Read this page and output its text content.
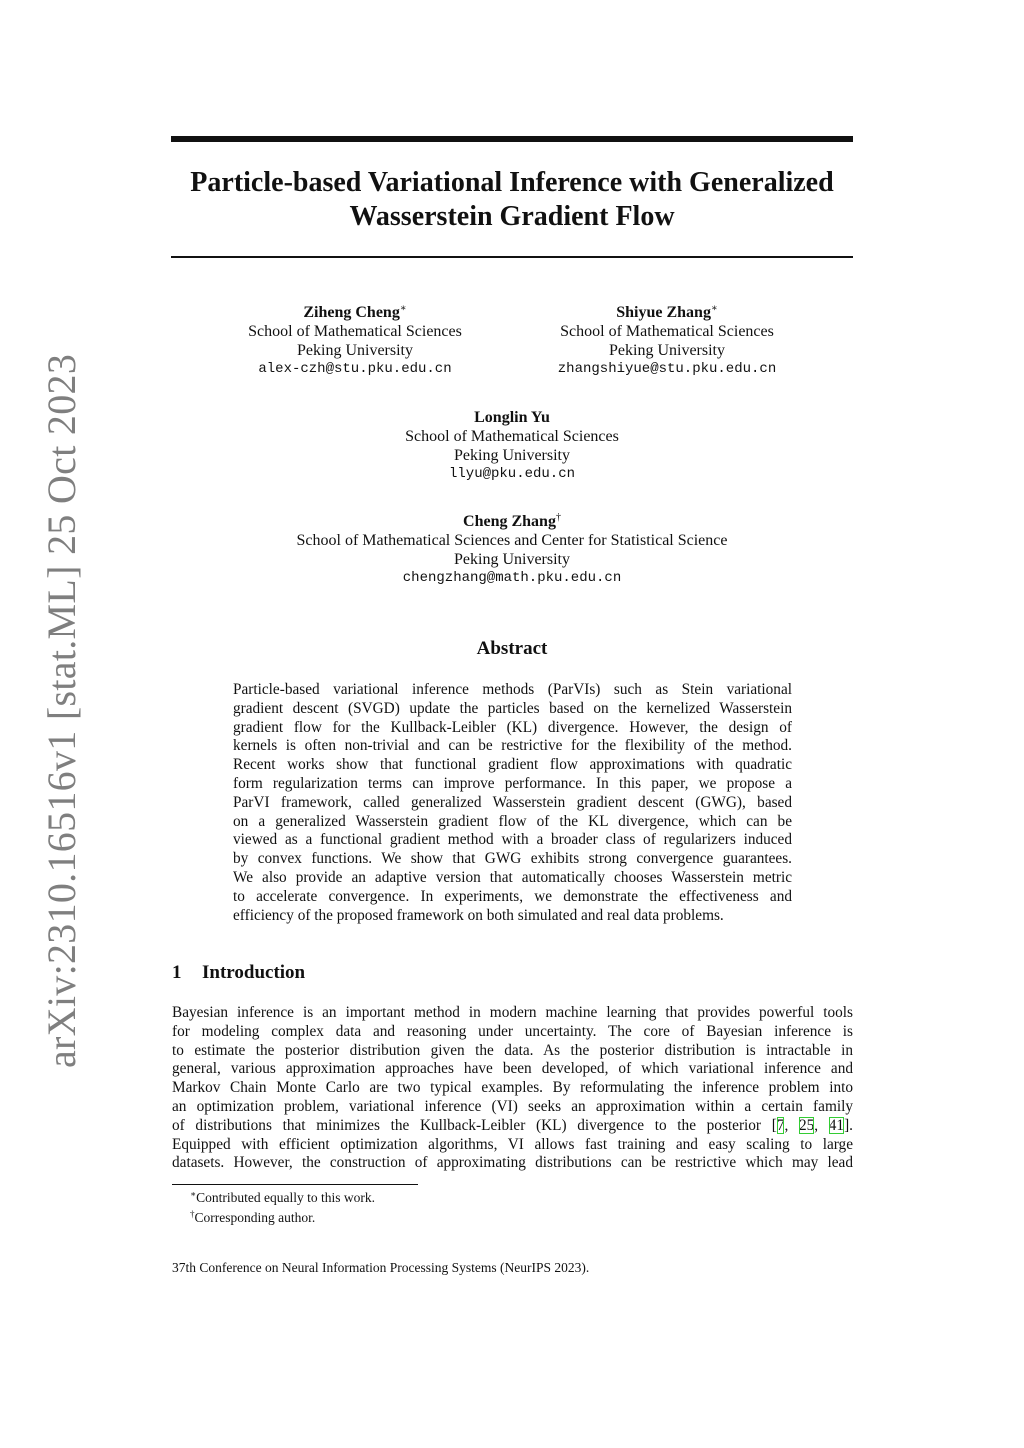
arXiv:2310.16516v1 [stat.ML] 25 Oct 2023
Particle-based Variational Inference with Generalized
Wasserstein Gradient Flow
Ziheng Cheng∗
School of Mathematical Sciences
Peking University
alex-czh@stu.pku.edu.cn
Shiyue Zhang∗
School of Mathematical Sciences
Peking University
zhangshiyue@stu.pku.edu.cn
Longlin Yu
School of Mathematical Sciences
Peking University
llyu@pku.edu.cn
Cheng Zhang†
School of Mathematical Sciences and Center for Statistical Science
Peking University
chengzhang@math.pku.edu.cn
Abstract
Particle-based variational inference methods (ParVIs) such as Stein variational
gradient descent (SVGD) update the particles based on the kernelized Wasserstein
gradient flow for the Kullback-Leibler (KL) divergence. However, the design of
kernels is often non-trivial and can be restrictive for the flexibility of the method.
Recent works show that functional gradient flow approximations with quadratic
form regularization terms can improve performance. In this paper, we propose a
ParVI framework, called generalized Wasserstein gradient descent (GWG), based
on a generalized Wasserstein gradient flow of the KL divergence, which can be
viewed as a functional gradient method with a broader class of regularizers induced
by convex functions. We show that GWG exhibits strong convergence guarantees.
We also provide an adaptive version that automatically chooses Wasserstein metric
to accelerate convergence. In experiments, we demonstrate the effectiveness and
efficiency of the proposed framework on both simulated and real data problems.
1 Introduction
Bayesian inference is an important method in modern machine learning that provides powerful tools
for modeling complex data and reasoning under uncertainty. The core of Bayesian inference is
to estimate the posterior distribution given the data. As the posterior distribution is intractable in
general, various approximation approaches have been developed, of which variational inference and
Markov Chain Monte Carlo are two typical examples. By reformulating the inference problem into
an optimization problem, variational inference (VI) seeks an approximation within a certain family
of distributions that minimizes the Kullback-Leibler (KL) divergence to the posterior [7, 25, 41].
Equipped with efficient optimization algorithms, VI allows fast training and easy scaling to large
datasets. However, the construction of approximating distributions can be restrictive which may lead
∗Contributed equally to this work.
†Corresponding author.
37th Conference on Neural Information Processing Systems (NeurIPS 2023).
